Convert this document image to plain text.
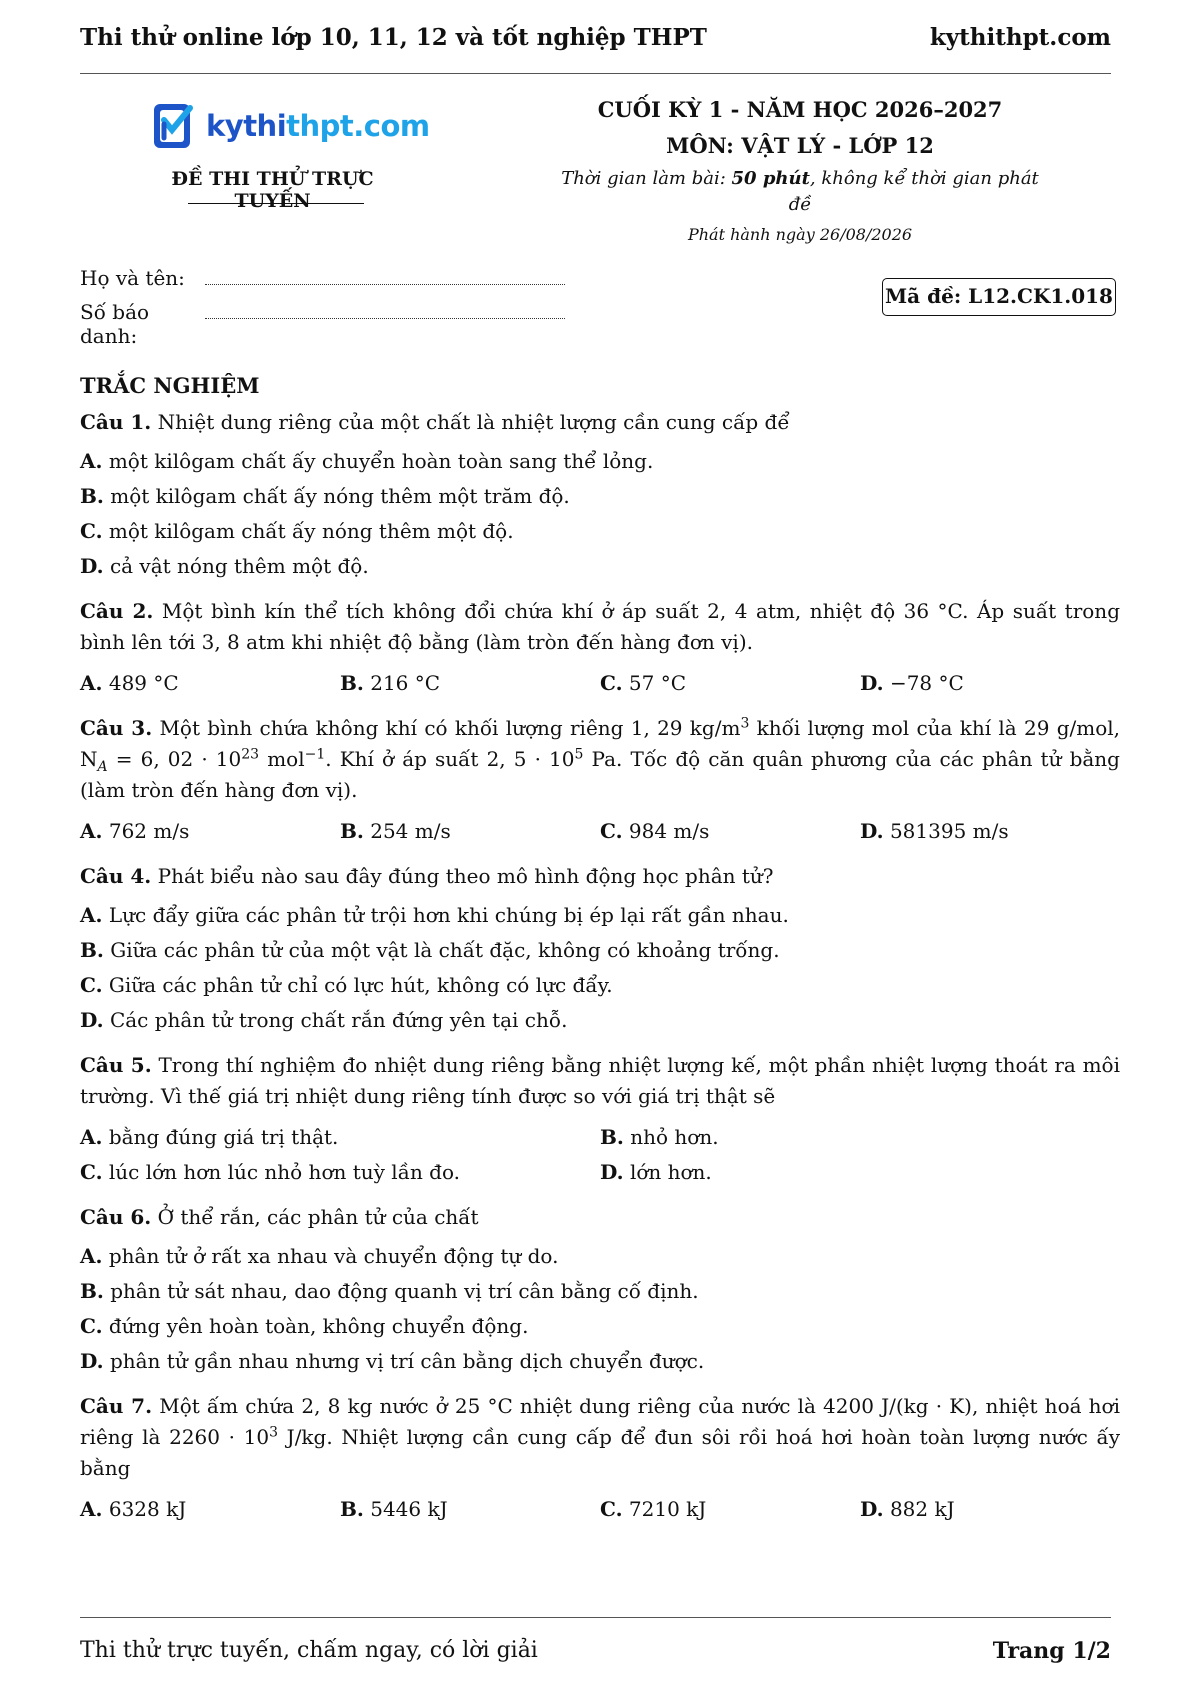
Thi thử online lớp 10, 11, 12 và tốt nghiệp THPT	kythithpt.com
kythithpt.com
ĐỀ THI THỬ TRỰC TUYẾN
CUỐI KỲ 1 - NĂM HỌC 2026–2027
MÔN: VẬT LÝ - LỚP 12
Thời gian làm bài: 50 phút, không kể thời gian phát đề
Phát hành ngày 26/08/2026
Họ và tên:
Số báo danh:
Mã đề: L12.CK1.018
TRẮC NGHIỆM
Câu 1. Nhiệt dung riêng của một chất là nhiệt lượng cần cung cấp để
A. một kilôgam chất ấy chuyển hoàn toàn sang thể lỏng.
B. một kilôgam chất ấy nóng thêm một trăm độ.
C. một kilôgam chất ấy nóng thêm một độ.
D. cả vật nóng thêm một độ.
Câu 2. Một bình kín thể tích không đổi chứa khí ở áp suất 2, 4 atm, nhiệt độ 36 °C. Áp suất trong bình lên tới 3, 8 atm khi nhiệt độ bằng (làm tròn đến hàng đơn vị).
A. 489 °C	B. 216 °C	C. 57 °C	D. −78 °C
Câu 3. Một bình chứa không khí có khối lượng riêng 1, 29 $kg/m^3$ khối lượng mol của khí là 29 g/mol, $N_A = 6$, $02 \cdot 10^{23}$ mol$^{-1}$. Khí ở áp suất 2, $5 \cdot 10^5$ Pa. Tốc độ căn quân phương của các phân tử bằng (làm tròn đến hàng đơn vị).
A. 762 m/s	B. 254 m/s	C. 984 m/s	D. 581395 m/s
Câu 4. Phát biểu nào sau đây đúng theo mô hình động học phân tử?
A. Lực đẩy giữa các phân tử trội hơn khi chúng bị ép lại rất gần nhau.
B. Giữa các phân tử của một vật là chất đặc, không có khoảng trống.
C. Giữa các phân tử chỉ có lực hút, không có lực đẩy.
D. Các phân tử trong chất rắn đứng yên tại chỗ.
Câu 5. Trong thí nghiệm đo nhiệt dung riêng bằng nhiệt lượng kế, một phần nhiệt lượng thoát ra môi trường. Vì thế giá trị nhiệt dung riêng tính được so với giá trị thật sẽ
A. bằng đúng giá trị thật.	B. nhỏ hơn.
C. lúc lớn hơn lúc nhỏ hơn tuỳ lần đo.	D. lớn hơn.
Câu 6. Ở thể rắn, các phân tử của chất
A. phân tử ở rất xa nhau và chuyển động tự do.
B. phân tử sát nhau, dao động quanh vị trí cân bằng cố định.
C. đứng yên hoàn toàn, không chuyển động.
D. phân tử gần nhau nhưng vị trí cân bằng dịch chuyển được.
Câu 7. Một ấm chứa 2, 8 kg nước ở 25 °C nhiệt dung riêng của nước là 4200 J/(kg · K), nhiệt hoá hơi riêng là $2260 \cdot 10^3$ J/kg. Nhiệt lượng cần cung cấp để đun sôi rồi hoá hơi hoàn toàn lượng nước ấy bằng
A. 6328 kJ	B. 5446 kJ	C. 7210 kJ	D. 882 kJ
Thi thử trực tuyến, chấm ngay, có lời giải	Trang 1/2
